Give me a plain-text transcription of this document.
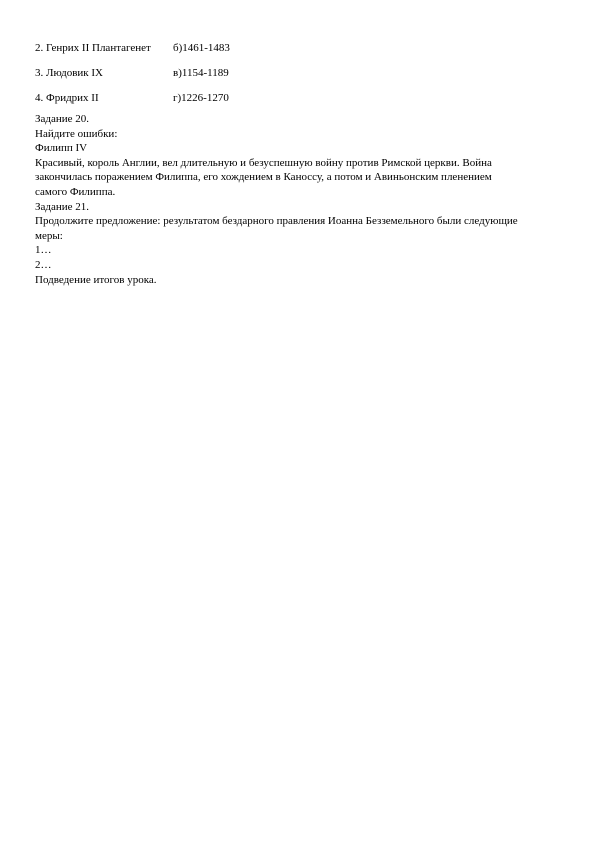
2. Генрих II Плантагенет б)1461-1483
3. Людовик IX	в)1154-1189
4. Фридрих II	г)1226-1270
Задание 20.
Найдите ошибки:
Филипп IV
Красивый, король Англии, вел длительную и безуспешную войну против Римской церкви. Война
закончилась поражением Филиппа, его хождением в Каноссу, а потом и Авиньонским пленением
самого Филиппа.
Задание 21.
Продолжите предложение: результатом бездарного правления Иоанна Безземельного были следующие
меры:
1…
2…
Подведение итогов урока.
